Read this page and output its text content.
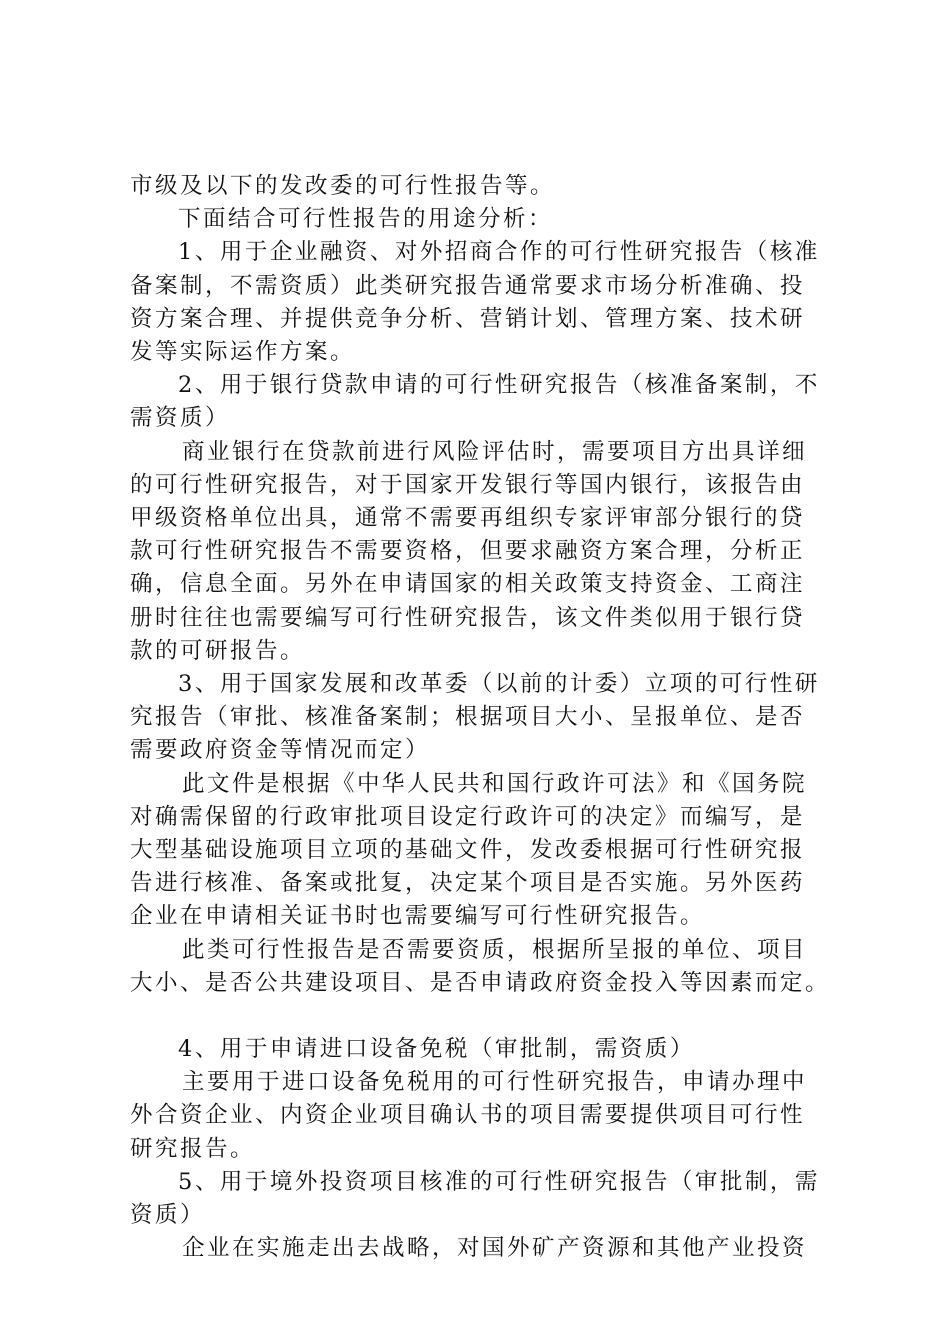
市级及以下的发改委的可行性报告等。

下面结合可行性报告的用途分析：

1、用于企业融资、对外招商合作的可行性研究报告（核准

备案制，不需资质）此类研究报告通常要求市场分析准确、投

资方案合理、并提供竞争分析、营销计划、管理方案、技术研

发等实际运作方案。

2、用于银行贷款申请的可行性研究报告（核准备案制，不

需资质）

商业银行在贷款前进行风险评估时，需要项目方出具详细

的可行性研究报告，对于国家开发银行等国内银行，该报告由

甲级资格单位出具，通常不需要再组织专家评审部分银行的贷

款可行性研究报告不需要资格，但要求融资方案合理，分析正

确，信息全面。另外在申请国家的相关政策支持资金、工商注

册时往往也需要编写可行性研究报告，该文件类似用于银行贷

款的可研报告。

3、用于国家发展和改革委（以前的计委）立项的可行性研

究报告（审批、核准备案制；根据项目大小、呈报单位、是否

需要政府资金等情况而定）

此文件是根据《中华人民共和国行政许可法》和《国务院

对确需保留的行政审批项目设定行政许可的决定》而编写，是

大型基础设施项目立项的基础文件，发改委根据可行性研究报

告进行核准、备案或批复，决定某个项目是否实施。另外医药

企业在申请相关证书时也需要编写可行性研究报告。

此类可行性报告是否需要资质，根据所呈报的单位、项目

大小、是否公共建设项目、是否申请政府资金投入等因素而定。

4、用于申请进口设备免税（审批制，需资质）

主要用于进口设备免税用的可行性研究报告，申请办理中

外合资企业、内资企业项目确认书的项目需要提供项目可行性

研究报告。

5、用于境外投资项目核准的可行性研究报告（审批制，需

资质）

企业在实施走出去战略，对国外矿产资源和其他产业投资
